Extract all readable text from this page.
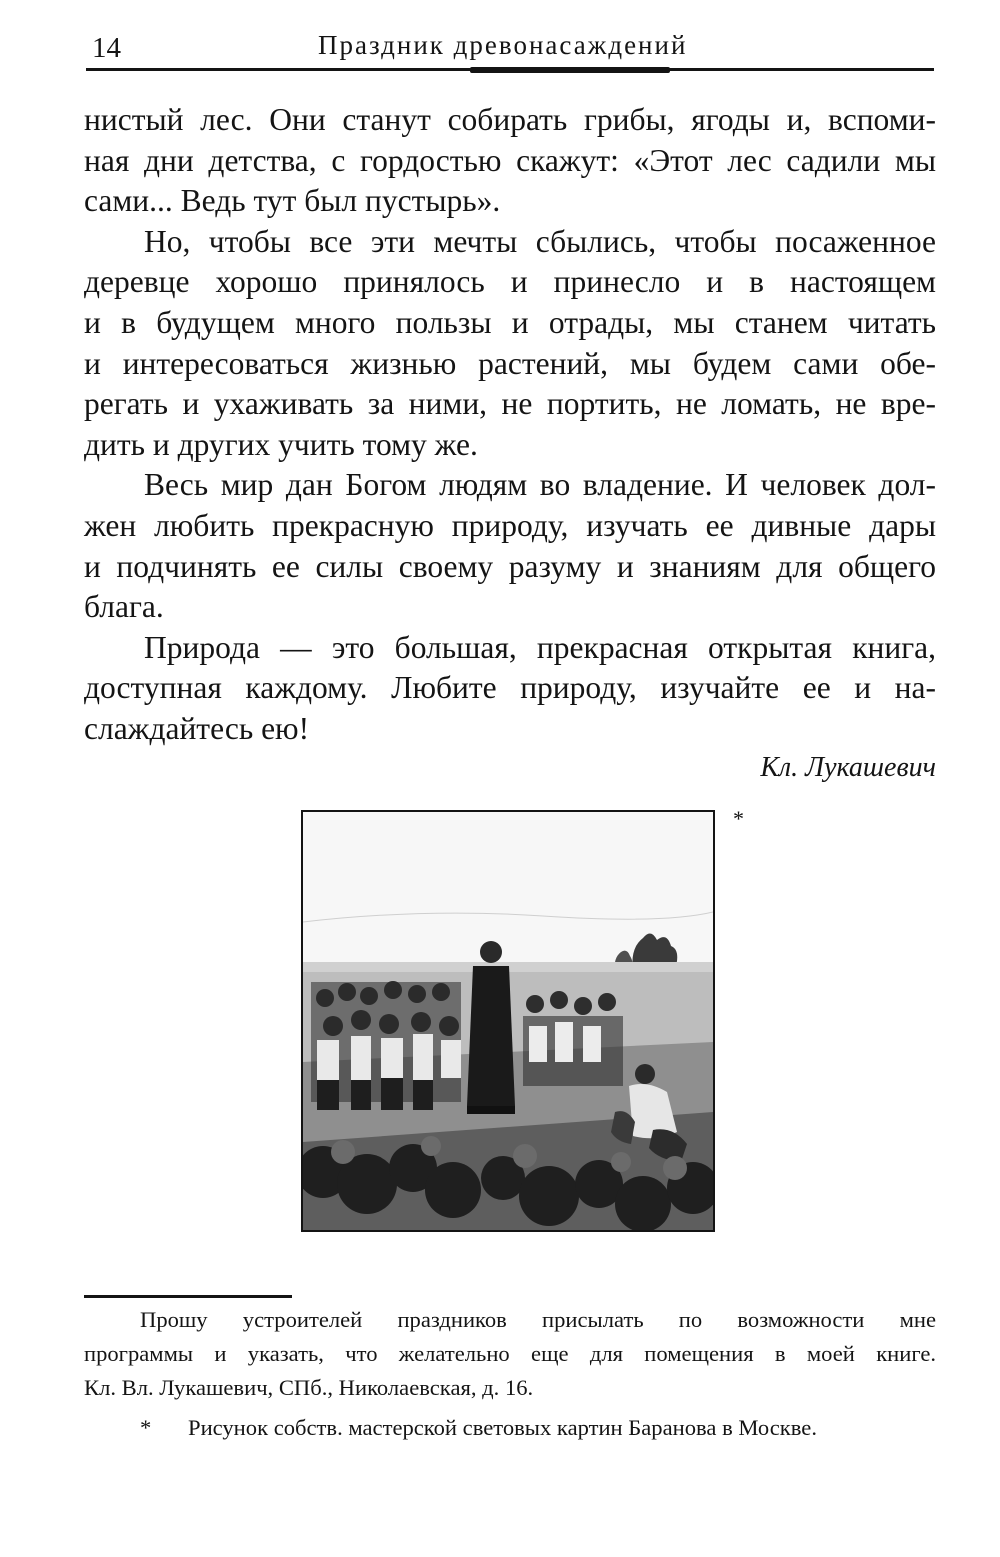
14	Праздник древонасаждений

нистый лес. Они станут собирать грибы, ягоды и, вспоми-
ная дни детства, с гордостью скажут: «Этот лес садили мы
сами... Ведь тут был пустырь».

Но, чтобы все эти мечты сбылись, чтобы посаженное
деревце хорошо принялось и принесло и в настоящем
и в будущем много пользы и отрады, мы станем читать
и интересоваться жизнью растений, мы будем сами обе-
регать и ухаживать за ними, не портить, не ломать, не вре-
дить и других учить тому же.

Весь мир дан Богом людям во владение. И человек дол-
жен любить прекрасную природу, изучать ее дивные дары
и подчинять ее силы своему разуму и знаниям для общего
блага.

Природа — это большая, прекрасная открытая книга,
доступная каждому. Любите природу, изучайте ее и на-
слаждайтесь ею!

Кл. Лукашевич
*

Прошу устроителей праздников присылать по возможности мне
программы и указать, что желательно еще для помещения в моей книге.
Кл. Вл. Лукашевич, СПб., Николаевская, д. 16.

*	Рисунок собств. мастерской световых картин Баранова в Москве.
